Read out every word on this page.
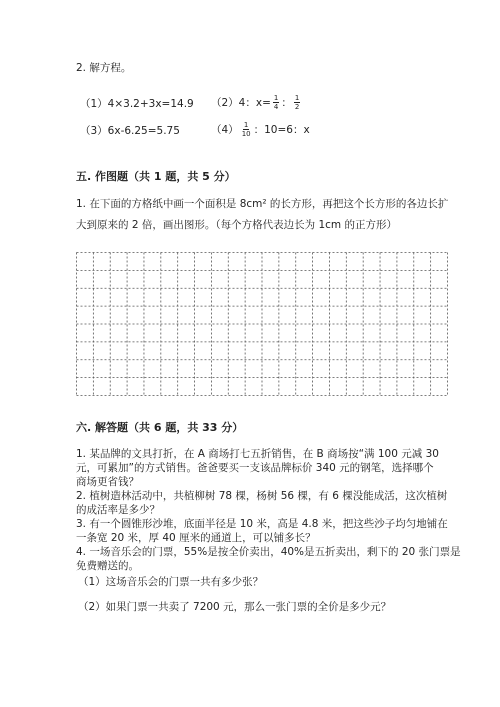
2. 解方程。
（1）4×3.2+3x=14.9 （2）4：$x= \frac{1}{4}$ ： $\frac{1}{2}$
（3）6x-6.25=5.75	$(4) \frac{1}{10}$ ：10=6：x
五. 作图题（共 1 题，共 5 分）
1. 在下面的方格纸中画一个面积是 8cm² 的长方形，再把这个长方形的各边长扩
大到原来的 2 倍，画出图形。（每个方格代表边长为 1cm 的正方形）
六. 解答题（共 6 题，共 33 分）
1. 某品牌的文具打折，在 A 商场打七五折销售，在 B 商场按“满 100 元减 30
元，可累加”的方式销售。爸爸要买一支该品牌标价 340 元的钢笔，选择哪个
商场更省钱？
2. 植树造林活动中，共植柳树 78 棵，杨树 56 棵，有 6 棵没能成活，这次植树
的成活率是多少？
3. 有一个圆锥形沙堆，底面半径是 10 米，高是 4.8 米，把这些沙子均匀地铺在
一条宽 20 米，厚 40 厘米的通道上，可以铺多长？
4. 一场音乐会的门票，55%是按全价卖出，40%是五折卖出，剩下的 20 张门票是
免费赠送的。
（1）这场音乐会的门票一共有多少张？
（2）如果门票一共卖了 7200 元，那么一张门票的全价是多少元？
